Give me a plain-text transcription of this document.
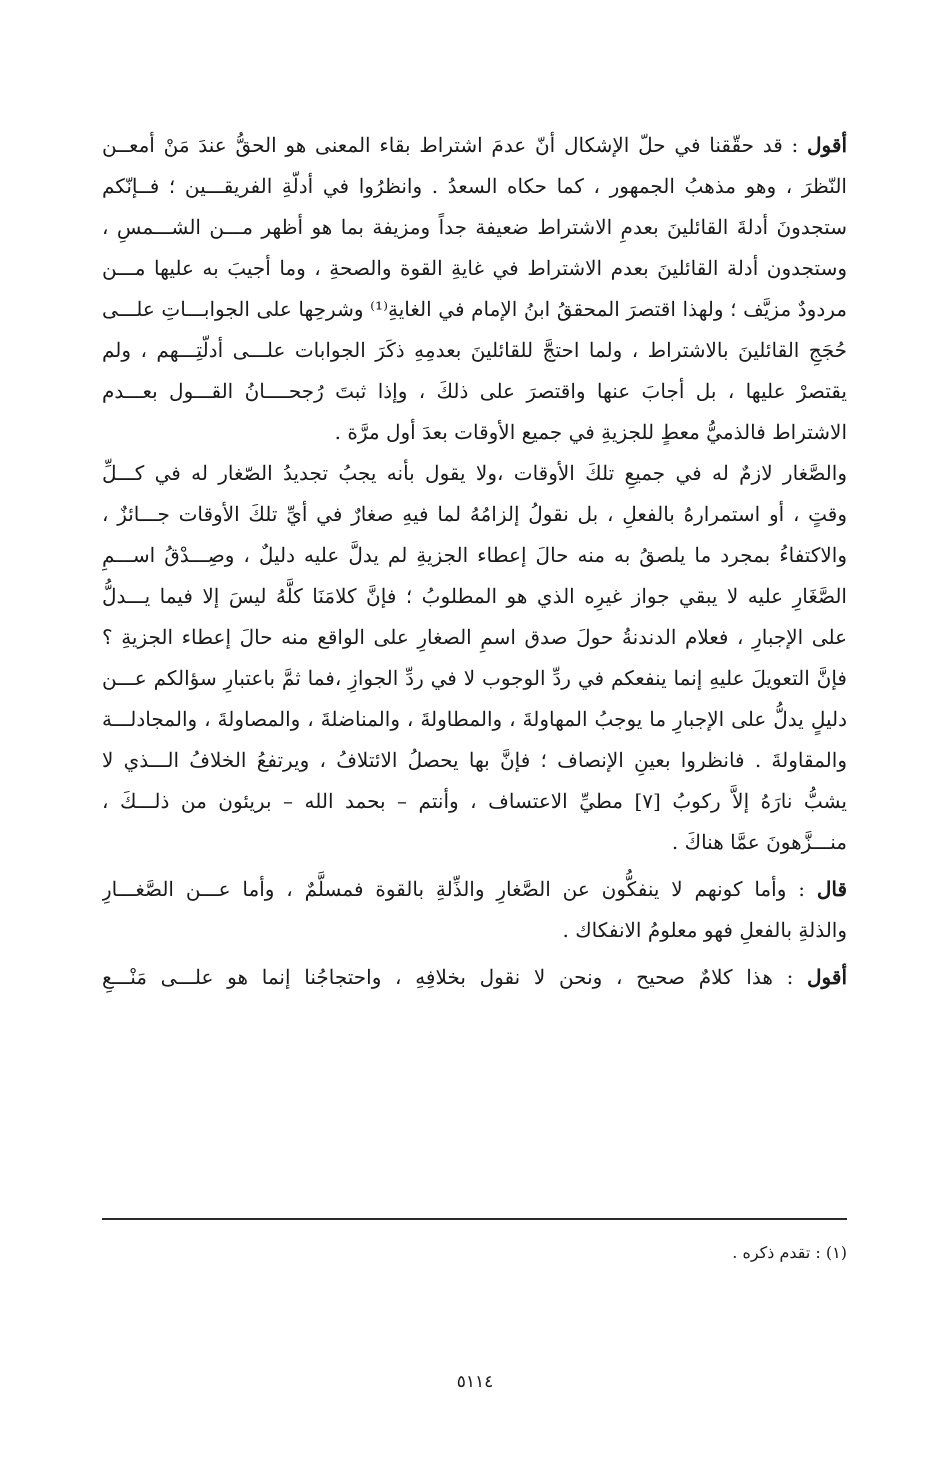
أقول : قد حقّقنا في حلّ الإشكال أنّ عدمَ اشتراط بقاء المعنى هو الحقُّ عندَ مَنْ أمعــن
النّظرَ ، وهو مذهبُ الجمهور ، كما حكاه السعدُ . وانظرُوا في أدلّةِ الفريقـــين ؛ فــإنّكم
ستجدونَ أدلةَ القائلينَ بعدمِ الاشتراط ضعيفة جداً ومزيفة بما هو أظهر مـــن الشـــمسِ ،
وستجدون أدلة القائلينَ بعدم الاشتراط في غايةِ القوة والصحةِ ، وما أجيبَ به عليها مـــن
مردودٌ مزيَّف ؛ ولهذا اقتصرَ المحققُ ابنُ الإمام في الغايةِ⁽¹⁾ وشرحِها على الجوابـــاتِ علـــى
حُجَجِ القائلينَ بالاشتراط ، ولما احتجَّ للقائلينَ بعدمِهِ ذكَرَ الجوابات علـــى أدلّتِـــهم ، ولم
يقتصرْ عليها ، بل أجابَ عنها واقتصرَ على ذلكَ ، وإذا ثبتَ رُجحــــانُ القـــول بعـــدم
الاشتراط فالذميُّ معطٍ للجزيةِ في جميع الأوقات بعدَ أول مرَّة .
والصَّغار لازمٌ له في جميعِ تلكَ الأوقات ،ولا يقول بأنه يجبُ تجديدُ الصّغار له في كـــلِّ
وقتٍ ، أو استمرارهُ بالفعلِ ، بل نقولُ إلزامُهُ لما فيهِ صغارٌ في أيِّ تلكَ الأوقات جـــائزٌ ،
والاكتفاءُ بمجرد ما يلصقُ به منه حالَ إعطاء الجزيةِ لم يدلَّ عليه دليلٌ ، وصِـــدْقُ اســـمِ
الصَّغَارِ عليه لا يبقي جواز غيرِه الذي هو المطلوبُ ؛ فإنَّ كلامَنَا كلَّهُ ليسَ إلا فيما يـــدلُّ
على الإجبارِ ، فعلام الدندنةُ حولَ صدق اسمِ الصغارِ على الواقع منه حالَ إعطاء الجزيةِ ؟
فإنَّ التعويلَ عليهِ إنما ينفعكم في ردِّ الوجوب لا في ردِّ الجوازِ ،فما ثمَّ باعتبارِ سؤالكم عـــن
دليلٍ يدلُّ على الإجبارِ ما يوجبُ المهاولةَ ، والمطاولةَ ، والمناضلةَ ، والمصاولةَ ، والمجادلـــة
والمقاولةَ . فانظروا بعينِ الإنصاف ؛ فإنَّ بها يحصلُ الائتلافُ ، ويرتفعُ الخلافُ الـــذي لا
يشبُّ نارَهُ إلاَّ ركوبُ [٧] مطيِّ الاعتساف ، وأنتم – بحمد الله – بريئون من ذلـــكَ ،
منـــزَّهونَ عمَّا هناكَ .
قال : وأما كونهم لا ينفكُّون عن الصَّغارِ والذِّلةِ بالقوة فمسلَّمٌ ، وأما عـــن الصَّغـــارِ
والذلةِ بالفعلِ فهو معلومُ الانفكاك .
أقول : هذا كلامٌ صحيح ، ونحن لا نقول بخلافِهِ ، واحتجاجُنا إنما هو علـــى مَنْـــعِ
(١) : تقدم ذكره .
٥١١٤
